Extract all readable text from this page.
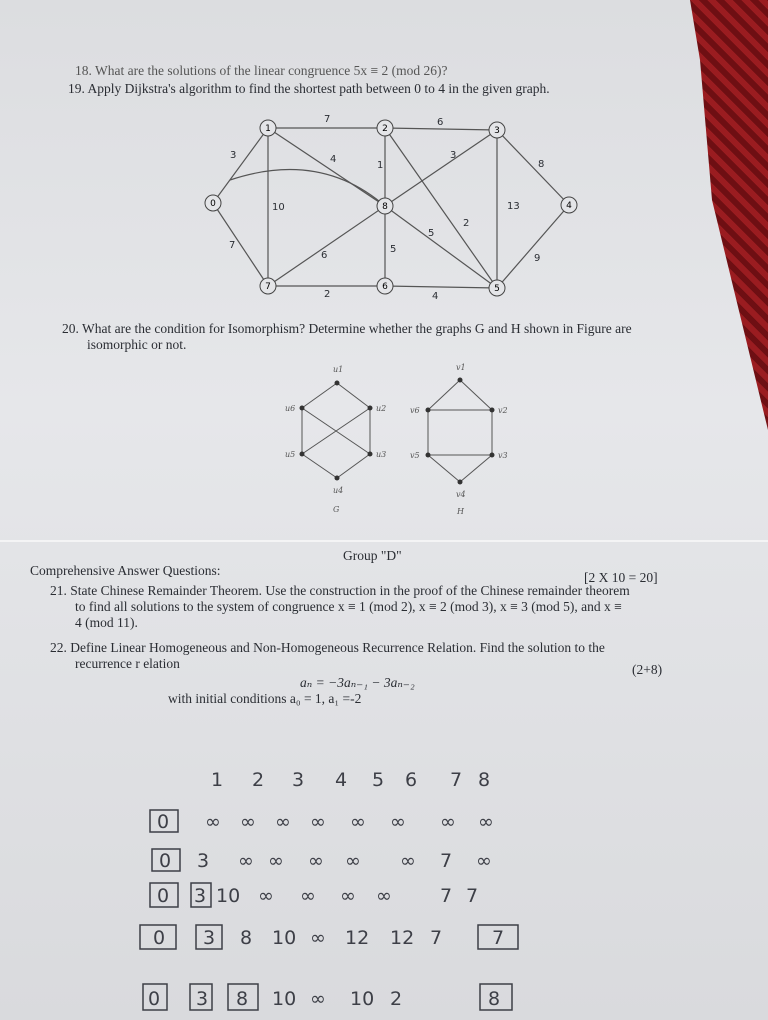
18. What are the solutions of the linear congruence 5x ≡ 2 (mod 26)?
19. Apply Dijkstra's algorithm to find the shortest path between 0 to 4 in the given graph.
3
7	6
4
1
3
8
10	13
7
2
5
5
6
2	4
9
0
1	2	3
4
5
6
7
8
u1
u2
u3
u4
u5
u6
G
v1
v2
v3
v4
v5
v6
H
1 2 3 4 5 6 7 8
0 ∞ ∞ ∞ ∞ ∞ ∞ ∞ ∞
0 3 ∞ ∞ ∞ ∞ ∞ 7 ∞
0 3 10 ∞ ∞ ∞ ∞	7 7
0 3 8 10 ∞ 12 12 7	7
0 3 8 10 ∞ 10 2	8
20. What are the condition for Isomorphism? Determine whether the graphs G and H shown in Figure are
isomorphic or not.
Group "D"
Comprehensive Answer Questions:	[2 X 10 = 20]
21. State Chinese Remainder Theorem. Use the construction in the proof of the Chinese remainder theorem
to find all solutions to the system of congruence x ≡ 1 (mod 2), x ≡ 2 (mod 3), x ≡ 3 (mod 5), and x ≡
4 (mod 11).
22. Define Linear Homogeneous and Non-Homogeneous Recurrence Relation. Find the solution to the
recurrence r elation	(2+8)
aₙ = −3aₙ₋₁ − 3aₙ₋₂
with initial conditions a₀ = 1, a₁ =-2
